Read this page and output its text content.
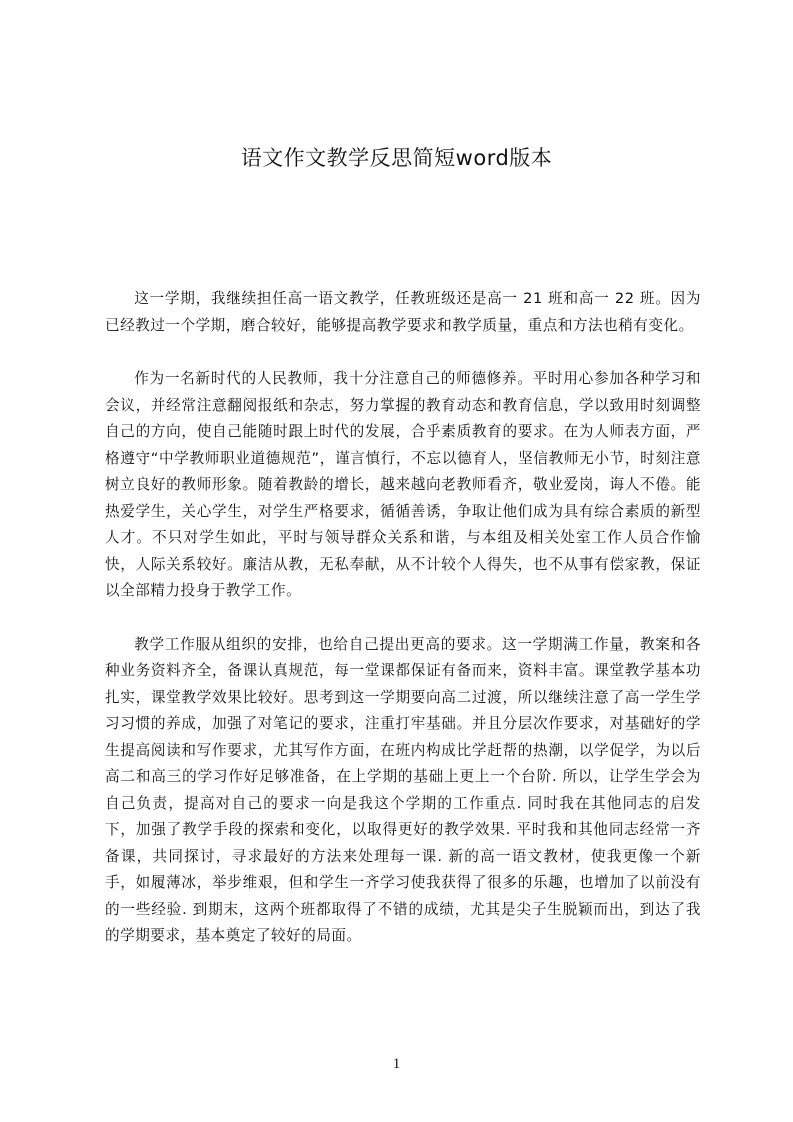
语文作文教学反思简短word版本

这一学期，我继续担任高一语文教学，任教班级还是高一 21 班和高一 22 班。因为已经教过一个学期，磨合较好，能够提高教学要求和教学质量，重点和方法也稍有变化。

作为一名新时代的人民教师，我十分注意自己的师德修养。平时用心参加各种学习和会议，并经常注意翻阅报纸和杂志，努力掌握的教育动态和教育信息，学以致用时刻调整自己的方向，使自己能随时跟上时代的发展，合乎素质教育的要求。在为人师表方面，严格遵守“中学教师职业道德规范”，谨言慎行，不忘以德育人，坚信教师无小节，时刻注意树立良好的教师形象。随着教龄的增长，越来越向老教师看齐，敬业爱岗，诲人不倦。能热爱学生，关心学生，对学生严格要求，循循善诱，争取让他们成为具有综合素质的新型人才。不只对学生如此，平时与领导群众关系和谐，与本组及相关处室工作人员合作愉快，人际关系较好。廉洁从教，无私奉献，从不计较个人得失，也不从事有偿家教，保证以全部精力投身于教学工作。

教学工作服从组织的安排，也给自己提出更高的要求。这一学期满工作量，教案和各种业务资料齐全，备课认真规范，每一堂课都保证有备而来，资料丰富。课堂教学基本功扎实，课堂教学效果比较好。思考到这一学期要向高二过渡，所以继续注意了高一学生学习习惯的养成，加强了对笔记的要求，注重打牢基础。并且分层次作要求，对基础好的学生提高阅读和写作要求，尤其写作方面，在班内构成比学赶帮的热潮，以学促学，为以后高二和高三的学习作好足够准备，在上学期的基础上更上一个台阶. 所以，让学生学会为自己负责，提高对自己的要求一向是我这个学期的工作重点. 同时我在其他同志的启发下，加强了教学手段的探索和变化，以取得更好的教学效果. 平时我和其他同志经常一齐备课，共同探讨，寻求最好的方法来处理每一课. 新的高一语文教材，使我更像一个新手，如履薄冰，举步维艰，但和学生一齐学习使我获得了很多的乐趣，也增加了以前没有的一些经验. 到期末，这两个班都取得了不错的成绩，尤其是尖子生脱颖而出，到达了我的学期要求，基本奠定了较好的局面。

1
